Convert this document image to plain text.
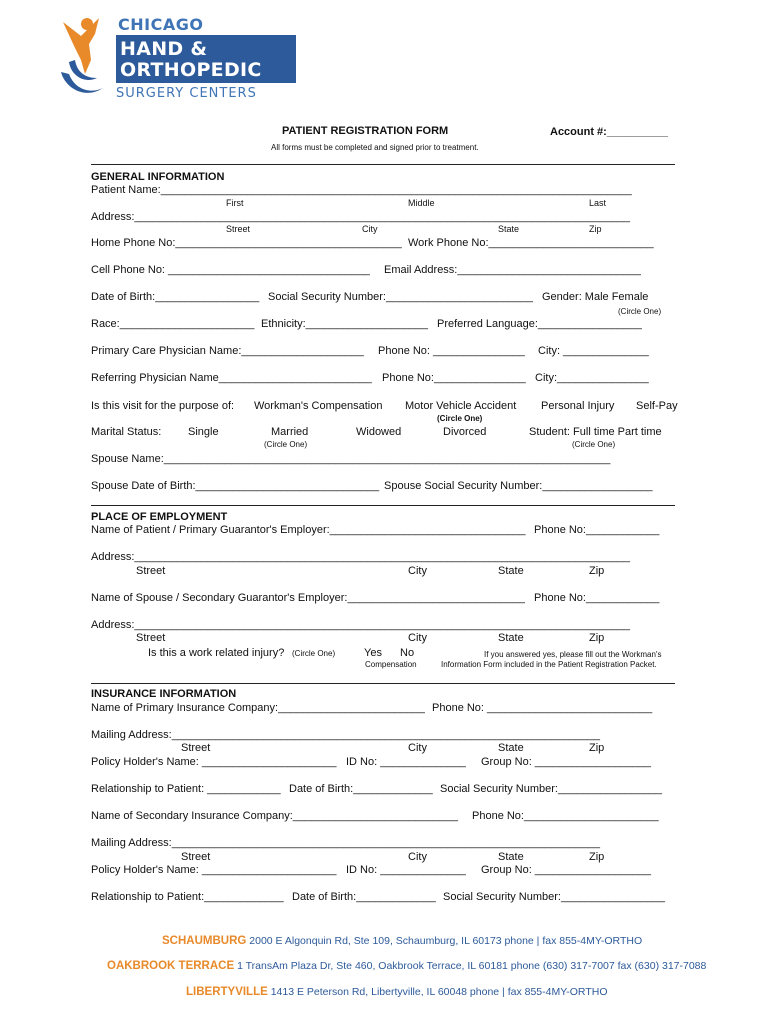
CHICAGO
HAND &
ORTHOPEDIC
SURGERY CENTERS
PATIENT REGISTRATION FORM	Account #:__________
All forms must be completed and signed prior to treatment.
GENERAL INFORMATION
Patient Name:_____________________________________________________________________________
First	Middle	Last
Address:_________________________________________________________________________________
Street	City	State	Zip
Home Phone No:_____________________________________ Work Phone No:___________________________
Cell Phone No: _________________________________ Email Address:______________________________
Date of Birth:_________________ Social Security Number:________________________ Gender: Male Female
(Circle One)
Race:______________________ Ethnicity:____________________ Preferred Language:_________________
Primary Care Physician Name:____________________ Phone No: _______________ City: ______________
Referring Physician Name_________________________ Phone No:_______________ City:_______________
Is this visit for the purpose of: Workman's Compensation Motor Vehicle Accident Personal Injury Self-Pay
(Circle One)
Marital Status: Single	Married	Widowed	Divorced
(Circle One)
Student: Full time Part time
(Circle One)
Spouse Name:_________________________________________________________________________
Spouse Date of Birth:______________________________ Spouse Social Security Number:__________________
PLACE OF EMPLOYMENT
Name of Patient / Primary Guarantor's Employer:________________________________ Phone No:____________
Address:_________________________________________________________________________________
Street	City	State	Zip
Name of Spouse / Secondary Guarantor's Employer:_____________________________ Phone No:____________
Address:_________________________________________________________________________________
Street	City	State	Zip
Is this a work related injury? (Circle One)	Yes No
Compensation
If you answered yes, please fill out the Workman's
Information Form included in the Patient Registration Packet.
INSURANCE INFORMATION
Name of Primary Insurance Company:________________________ Phone No: ___________________________
Mailing Address:______________________________________________________________________
Street	City	State	Zip
Policy Holder's Name: ______________________ ID No: ______________ Group No: ___________________
Relationship to Patient: ____________ Date of Birth:_____________ Social Security Number:_________________
Name of Secondary Insurance Company:___________________________ Phone No:______________________
Mailing Address:______________________________________________________________________
Street	City	State	Zip
Policy Holder's Name: ______________________ ID No: ______________ Group No: ___________________
Relationship to Patient:_____________ Date of Birth:_____________ Social Security Number:_________________
SCHAUMBURG 2000 E Algonquin Rd, Ste 109, Schaumburg, IL 60173 phone | fax 855-4MY-ORTHO
OAKBROOK TERRACE 1 TransAm Plaza Dr, Ste 460, Oakbrook Terrace, IL 60181 phone (630) 317-7007 fax (630) 317-7088
LIBERTYVILLE 1413 E Peterson Rd, Libertyville, IL 60048 phone | fax 855-4MY-ORTHO
